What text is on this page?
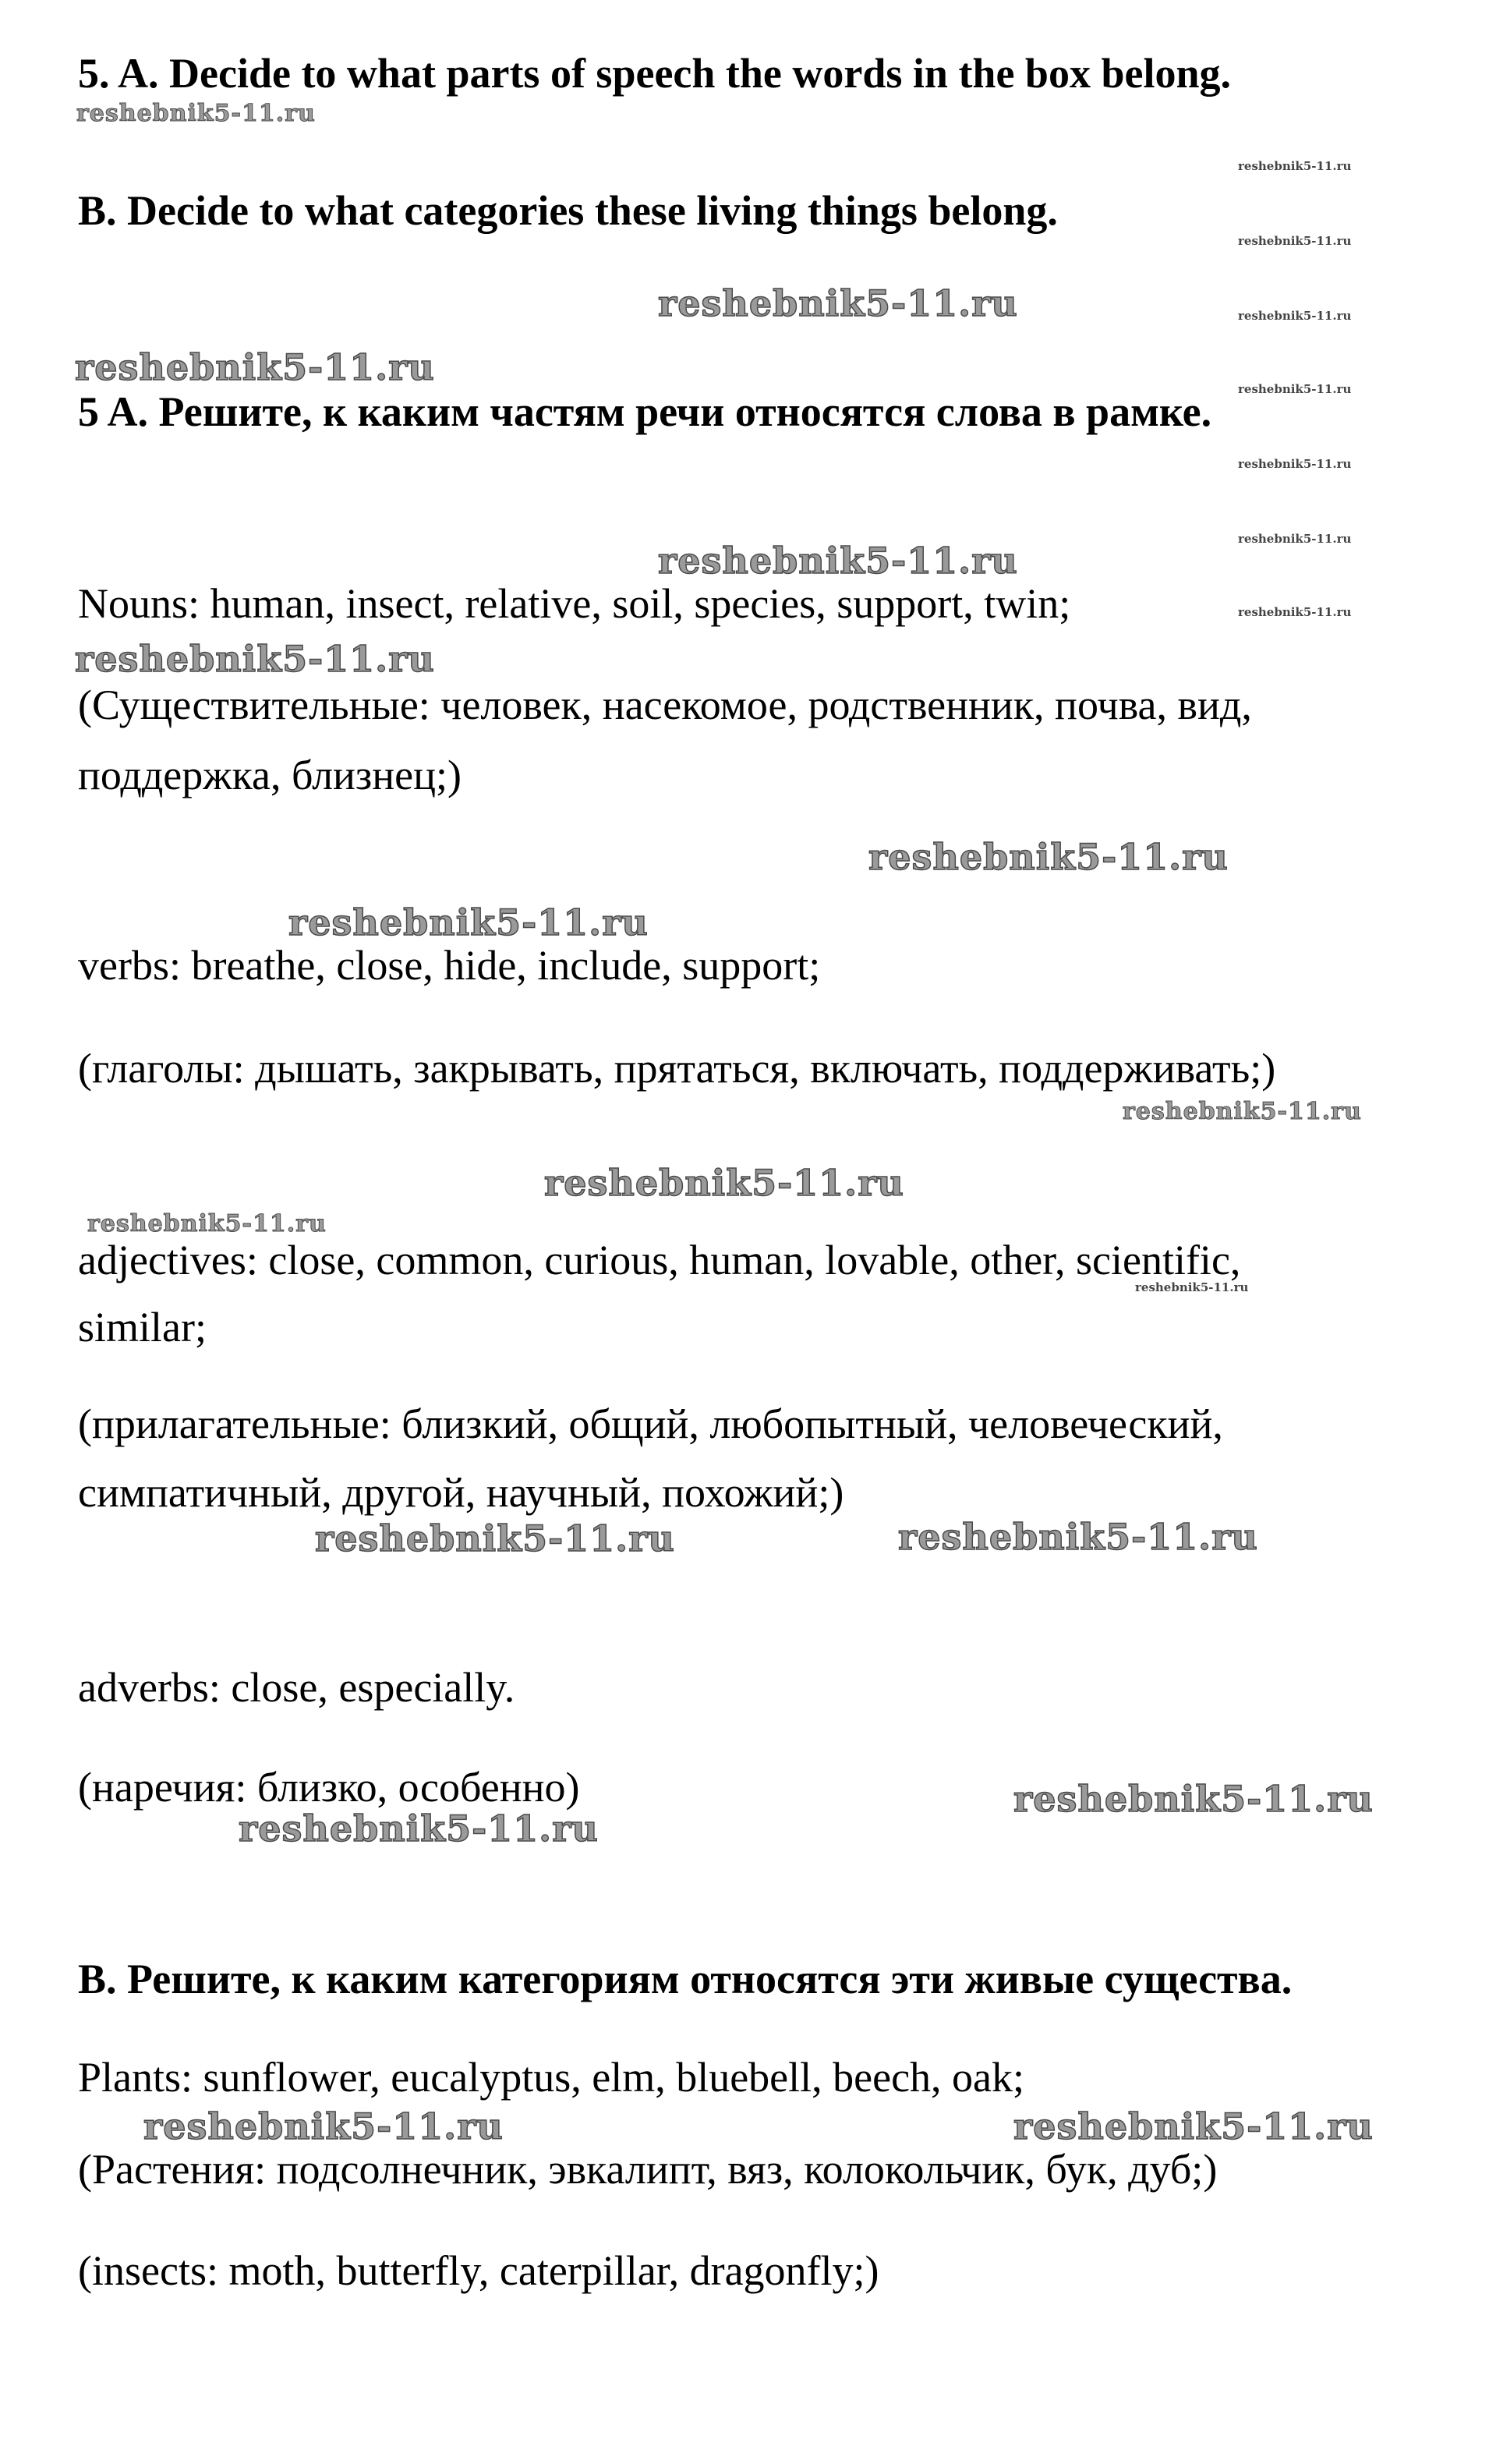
5. A. Decide to what parts of speech the words in the box belong.

B. Decide to what categories these living things belong.

5 A. Решите, к каким частям речи относятся слова в рамке.

Nouns: human, insect, relative, soil, species, support, twin;

(Существительные: человек, насекомое, родственник, почва, вид,

поддержка, близнец;)

verbs: breathe, close, hide, include, support;

(глаголы: дышать, закрывать, прятаться, включать, поддерживать;)

adjectives: close, common, curious, human, lovable, other, scientific,

similar;

(прилагательные: близкий, общий, любопытный, человеческий,

симпатичный, другой, научный, похожий;)

adverbs: close, especially.

(наречия: близко, особенно)

B. Решите, к каким категориям относятся эти живые существа.

Plants: sunflower, eucalyptus, elm, bluebell, beech, oak;

(Растения: подсолнечник, эвкалипт, вяз, колокольчик, бук, дуб;)

(insects: moth, butterfly, caterpillar, dragonfly;)

reshebnik5-11.ru
reshebnik5-11.ru
reshebnik5-11.ru
reshebnik5-11.ru
reshebnik5-11.ru
reshebnik5-11.ru
reshebnik5-11.ru
reshebnik5-11.ru
reshebnik5-11.ru
reshebnik5-11.ru
reshebnik5-11.ru
reshebnik5-11.ru	reshebnik5-11.ru
reshebnik5-11.ru
reshebnik5-11.ru
reshebnik5-11.ru	reshebnik5-11.ru
reshebnik5-11.ru
reshebnik5-11.ru
reshebnik5-11.ru
reshebnik5-11.ru
reshebnik5-11.ru
reshebnik5-11.ru
reshebnik5-11.ru
